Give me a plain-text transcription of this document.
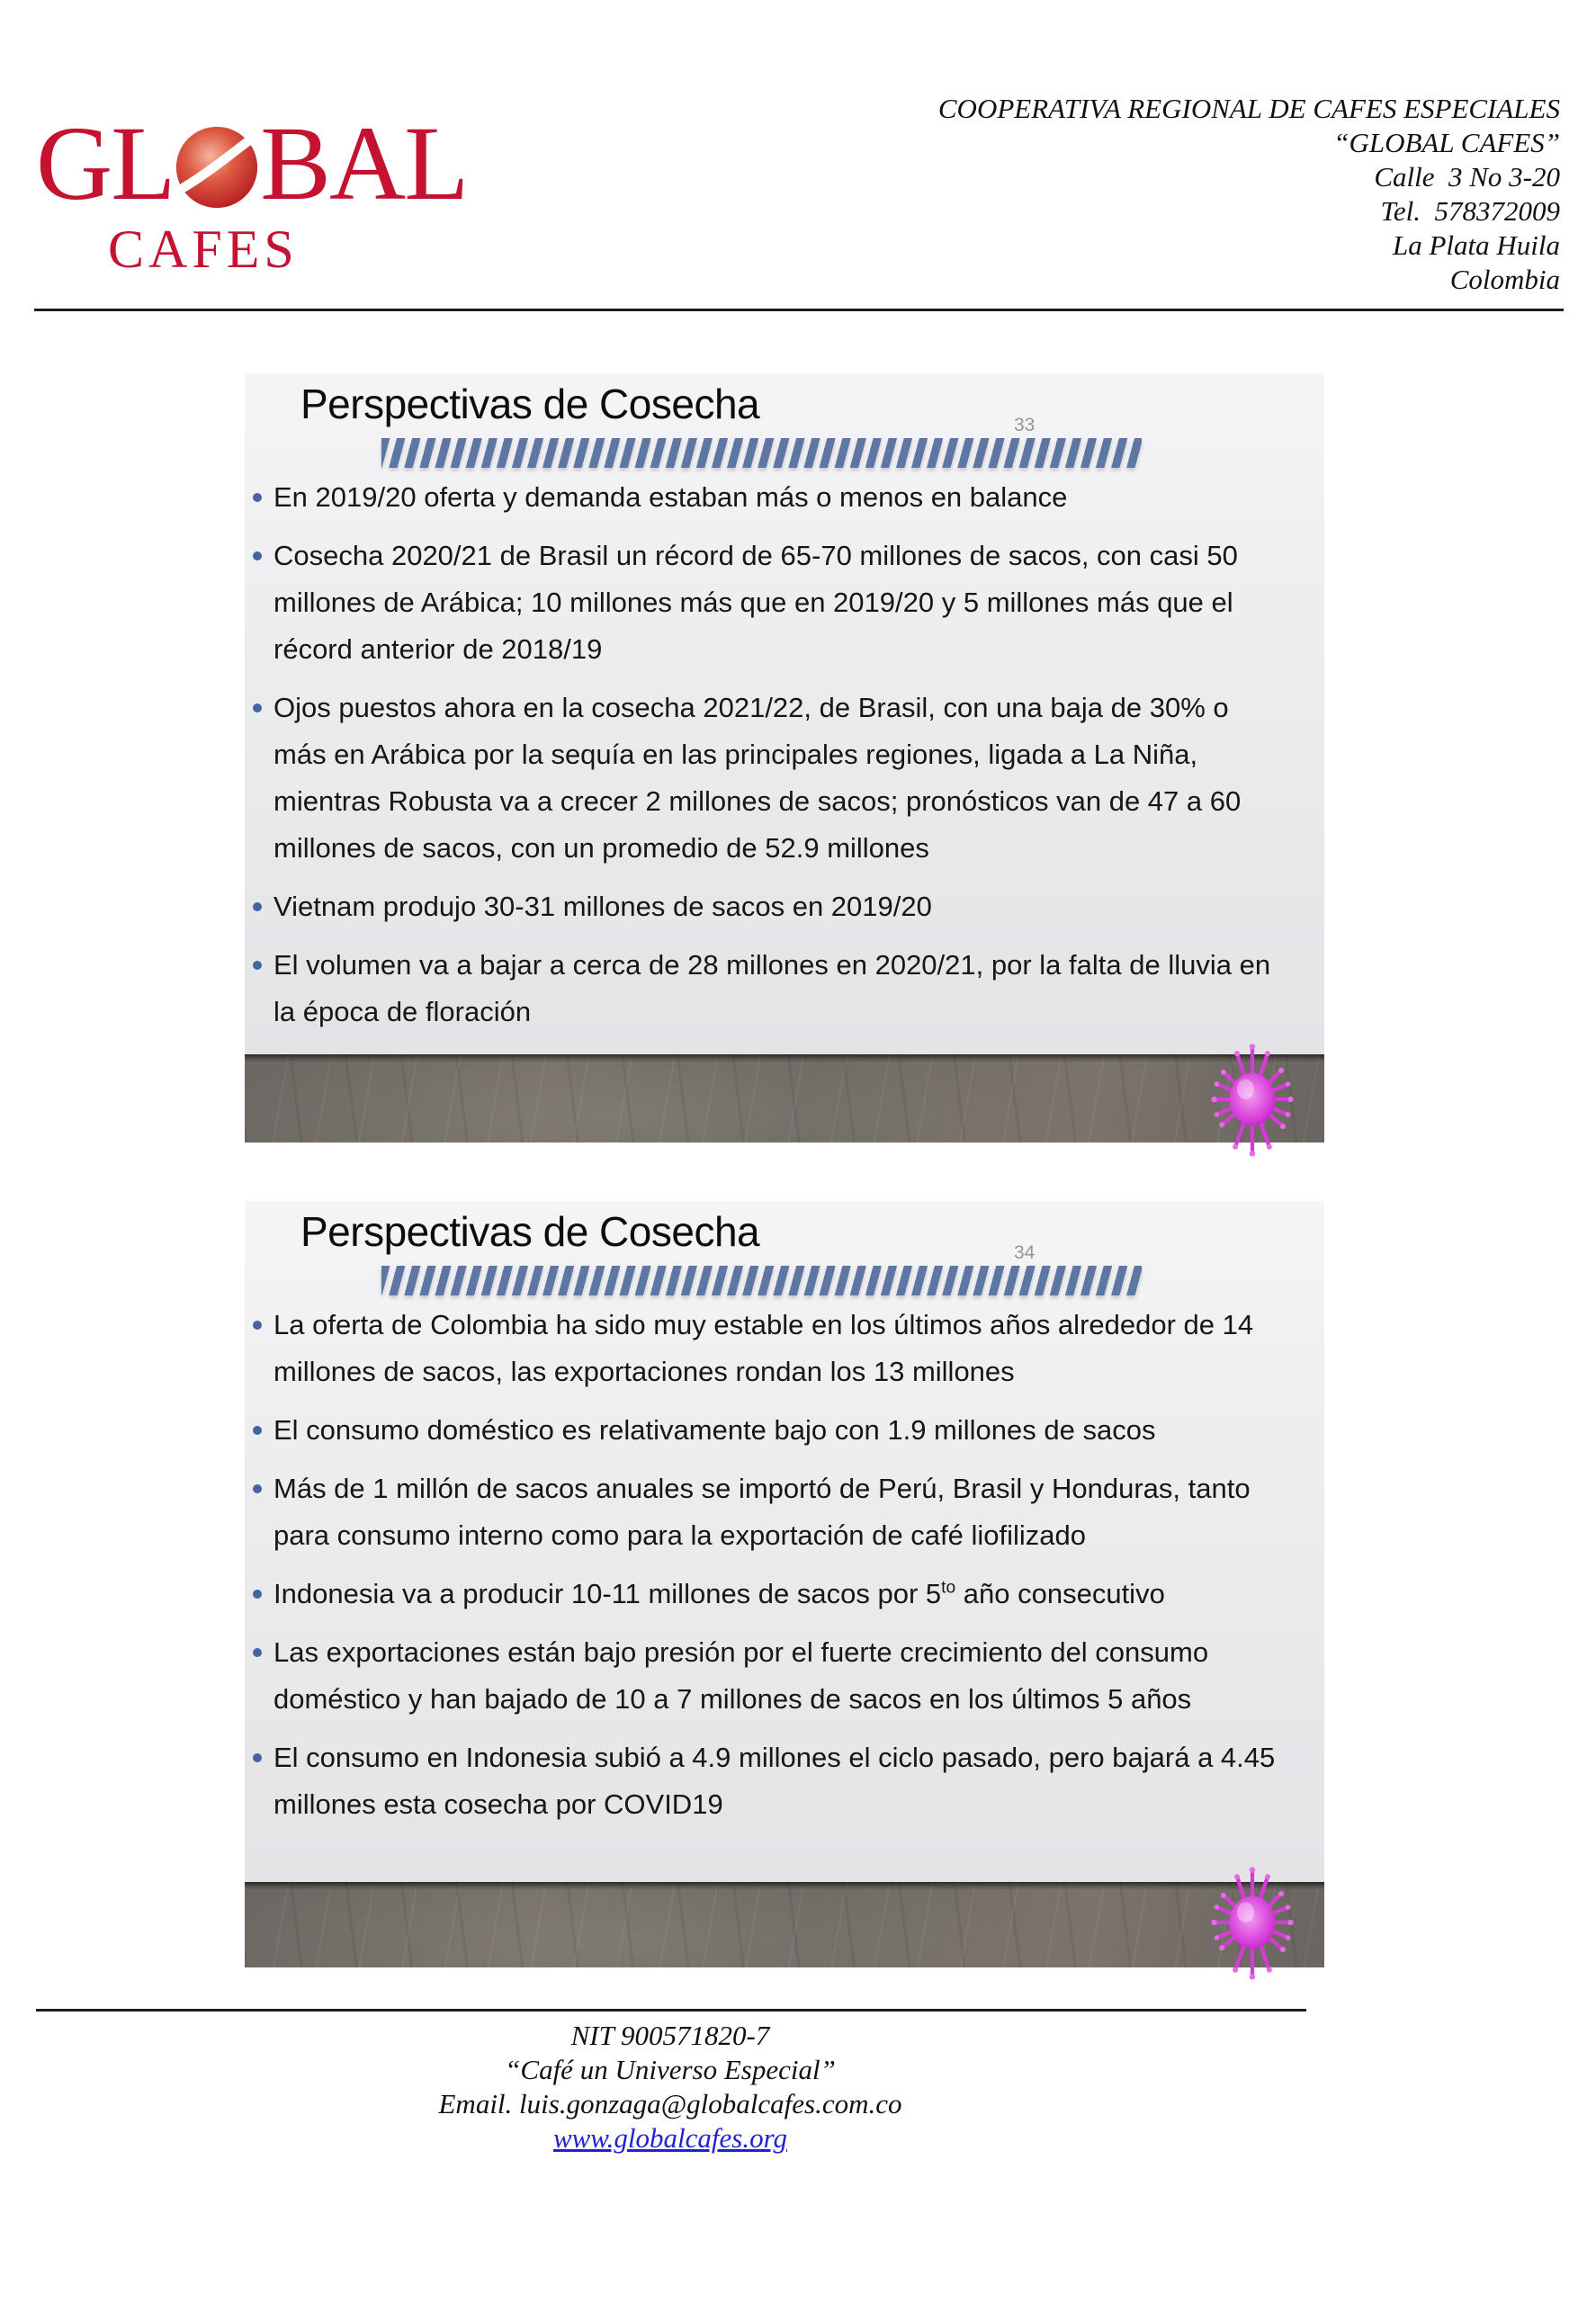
GL BAL
CAFES
COOPERATIVA REGIONAL DE CAFES ESPECIALES
“GLOBAL CAFES”
Calle  3 No 3-20
Tel.  578372009
La Plata Huila
Colombia
Perspectivas de Cosecha	33
En 2019/20 oferta y demanda estaban más o menos en balance
Cosecha 2020/21 de Brasil un récord de 65-70 millones de sacos, con casi 50 millones de Arábica; 10 millones más que en 2019/20 y 5 millones más que el récord anterior de 2018/19
Ojos puestos ahora en la cosecha 2021/22, de Brasil, con una baja de 30% o más en Arábica por la sequía en las principales regiones, ligada a La Niña, mientras Robusta va a crecer 2 millones de sacos; pronósticos van de 47 a 60 millones de sacos, con un promedio de 52.9 millones
Vietnam produjo 30-31 millones de sacos en 2019/20
El volumen va a bajar a cerca de 28 millones en 2020/21, por la falta de lluvia en la época de floración
Perspectivas de Cosecha	34
La oferta de Colombia ha sido muy estable en los últimos años alrededor de 14 millones de sacos, las exportaciones rondan los 13 millones
El consumo doméstico es relativamente bajo con 1.9 millones de sacos
Más de 1 millón de sacos anuales se importó de Perú, Brasil y Honduras, tanto para consumo interno como para la exportación de café liofilizado
Indonesia va a producir 10-11 millones de sacos por $5^{to}$ año consecutivo
Las exportaciones están bajo presión por el fuerte crecimiento del consumo doméstico y han bajado de 10 a 7 millones de sacos en los últimos 5 años
El consumo en Indonesia subió a 4.9 millones el ciclo pasado, pero bajará a 4.45 millones esta cosecha por COVID19
NIT 900571820-7
“Café un Universo Especial”
Email. luis.gonzaga@globalcafes.com.co
www.globalcafes.org
